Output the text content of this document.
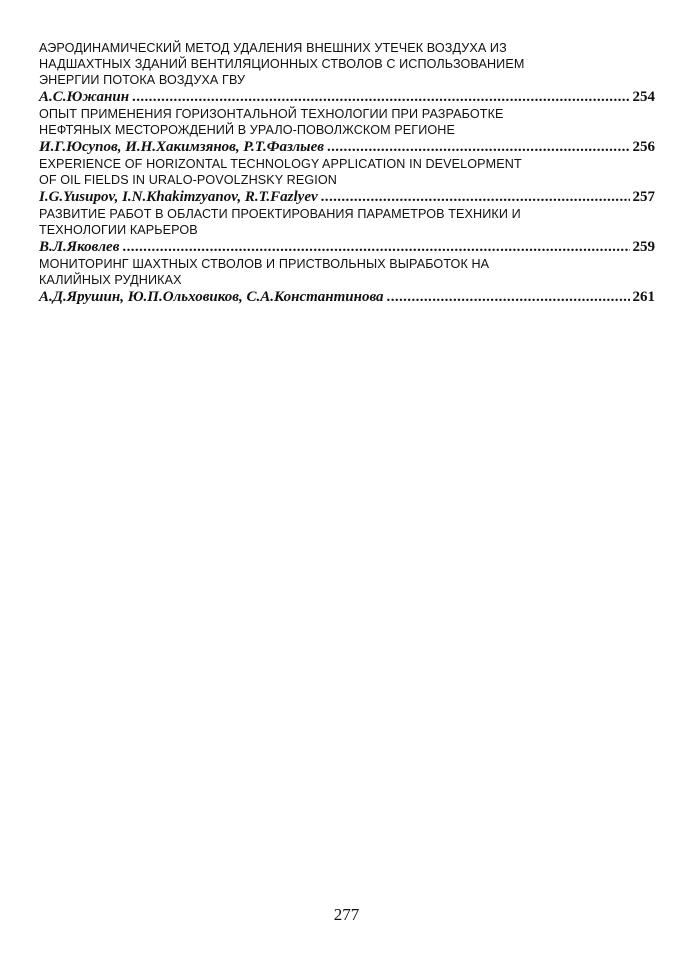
АЭРОДИНАМИЧЕСКИЙ МЕТОД УДАЛЕНИЯ ВНЕШНИХ УТЕЧЕК ВОЗДУХА ИЗ
НАДШАХТНЫХ ЗДАНИЙ ВЕНТИЛЯЦИОННЫХ СТВОЛОВ С ИСПОЛЬЗОВАНИЕМ
ЭНЕРГИИ ПОТОКА ВОЗДУХА ГВУ
А.С.Южанин .....	254
ОПЫТ ПРИМЕНЕНИЯ ГОРИЗОНТАЛЬНОЙ ТЕХНОЛОГИИ ПРИ РАЗРАБОТКЕ
НЕФТЯНЫХ МЕСТОРОЖДЕНИЙ В УРАЛО-ПОВОЛЖСКОМ РЕГИОНЕ
И.Г.Юсупов, И.Н.Хакимзянов, Р.Т.Фазлыев .....	256
EXPERIENCE OF HORIZONTAL TECHNOLOGY APPLICATION IN DEVELOPMENT
OF OIL FIELDS IN URALO-POVOLZHSKY REGION
I.G.Yusupov, I.N.Khakimzyanov, R.T.Fazlyev .....	257
РАЗВИТИЕ РАБОТ В ОБЛАСТИ ПРОЕКТИРОВАНИЯ ПАРАМЕТРОВ ТЕХНИКИ И
ТЕХНОЛОГИИ КАРЬЕРОВ
В.Л.Яковлев .....	259
МОНИТОРИНГ ШАХТНЫХ СТВОЛОВ И ПРИСТВОЛЬНЫХ ВЫРАБОТОК НА
КАЛИЙНЫХ РУДНИКАХ
А.Д.Ярушин, Ю.П.Ольховиков, С.А.Константинова .....	261
277
